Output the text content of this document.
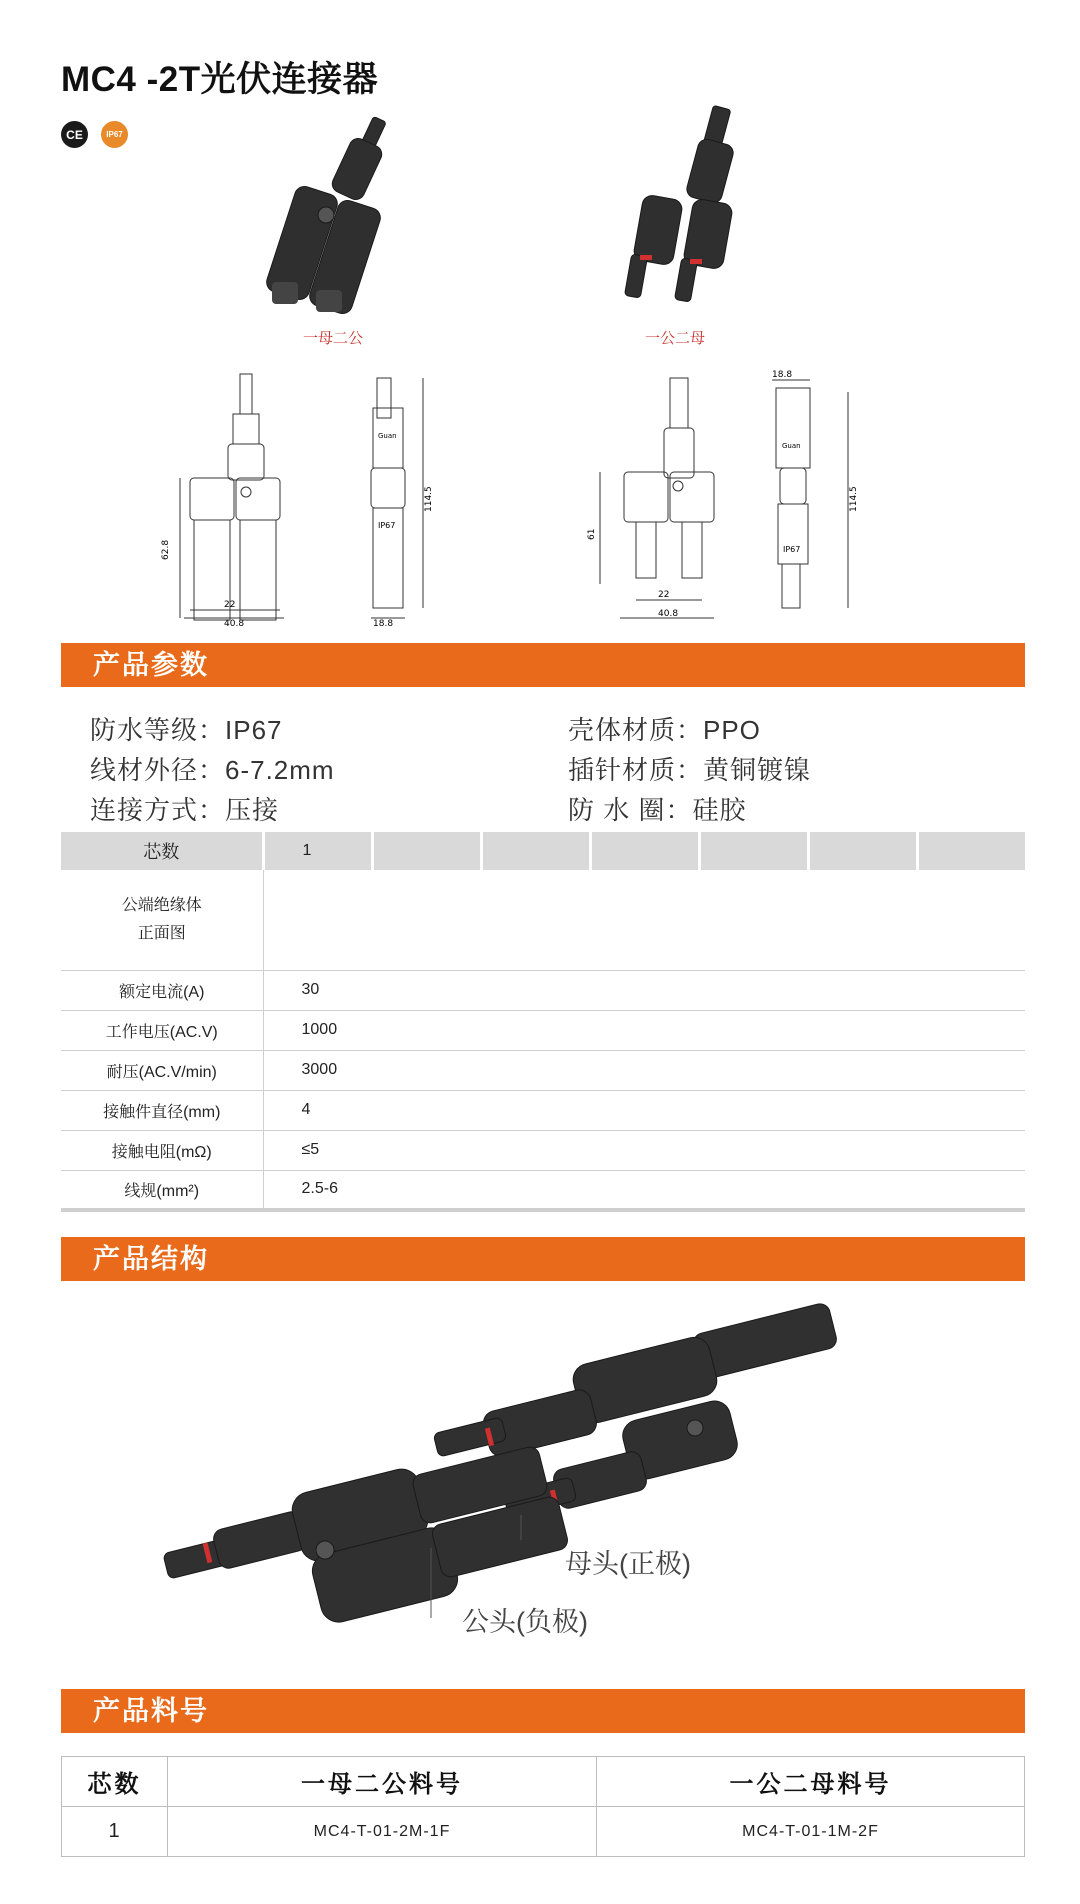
MC4 -2T光伏连接器
CE	IP67
一母二公	一公二母
62.8
22
40.8
Guan
IP67
114.5
18.8
61
22
40.8
18.8
Guan
IP67
114.5
产品参数
防水等级：IP67
线材外径：6-7.2mm
连接方式：压接
壳体材质：PPO
插针材质：黄铜镀镍
防 水 圈：硅胶
芯数	1						
公端绝缘体
正面图							
额定电流(A)	30						
工作电压(AC.V)	1000						
耐压(AC.V/min)	3000						
接触件直径(mm)	4						
接触电阻(mΩ)	≤5						
线规(mm²)	2.5-6						
产品结构
母头(正极)
公头(负极)
产品料号
芯数	一母二公料号	一公二母料号
1	MC4-T-01-2M-1F	MC4-T-01-1M-2F
